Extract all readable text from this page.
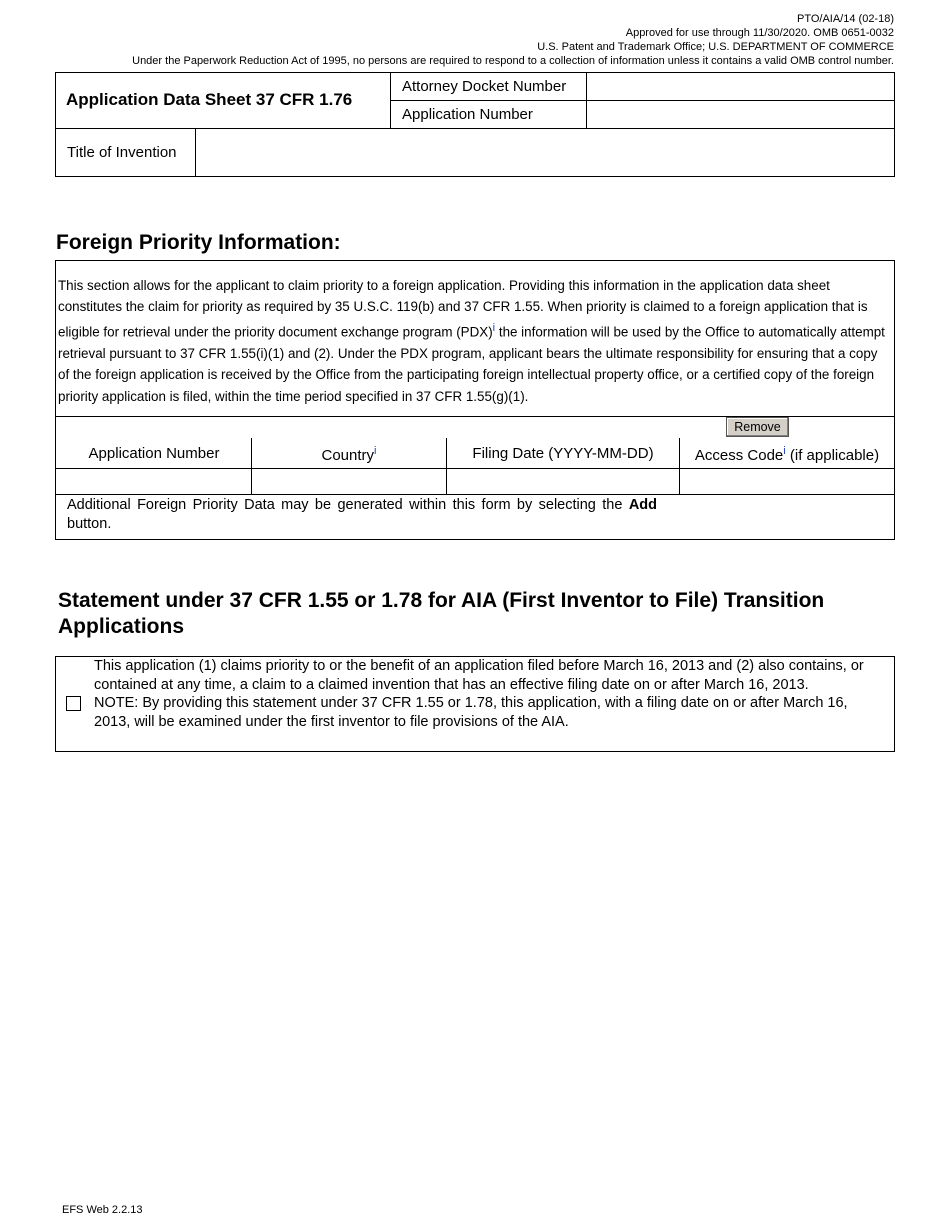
PTO/AIA/14 (02-18)
Approved for use through 11/30/2020. OMB 0651-0032
U.S. Patent and Trademark Office; U.S. DEPARTMENT OF COMMERCE
Under the Paperwork Reduction Act of 1995, no persons are required to respond to a collection of information unless it contains a valid OMB control number.
Application Data Sheet 37 CFR 1.76
Attorney Docket Number
Application Number
Title of Invention
Foreign Priority Information:
This section allows for the applicant to claim priority to a foreign application. Providing this information in the application data sheet constitutes the claim for priority as required by 35 U.S.C. 119(b) and 37 CFR 1.55. When priority is claimed to a foreign application that is eligible for retrieval under the priority document exchange program (PDX)$^i$ the information will be used by the Office to automatically attempt retrieval pursuant to 37 CFR 1.55(i)(1) and (2). Under the PDX program, applicant bears the ultimate responsibility for ensuring that a copy of the foreign application is received by the Office from the participating foreign intellectual property office, or a certified copy of the foreign priority application is filed, within the time period specified in 37 CFR 1.55(g)(1).
Remove
Application Number	Country$^i$	Filing Date (YYYY-MM-DD)	Access Code$^i$ (if applicable)
Additional Foreign Priority Data may be generated within this form by selecting the Add button.
Statement under 37 CFR 1.55 or 1.78 for AIA (First Inventor to File) Transition Applications
This application (1) claims priority to or the benefit of an application filed before March 16, 2013 and (2) also contains, or contained at any time, a claim to a claimed invention that has an effective filing date on or after March 16, 2013.
NOTE: By providing this statement under 37 CFR 1.55 or 1.78, this application, with a filing date on or after March 16, 2013, will be examined under the first inventor to file provisions of the AIA.
EFS Web 2.2.13
